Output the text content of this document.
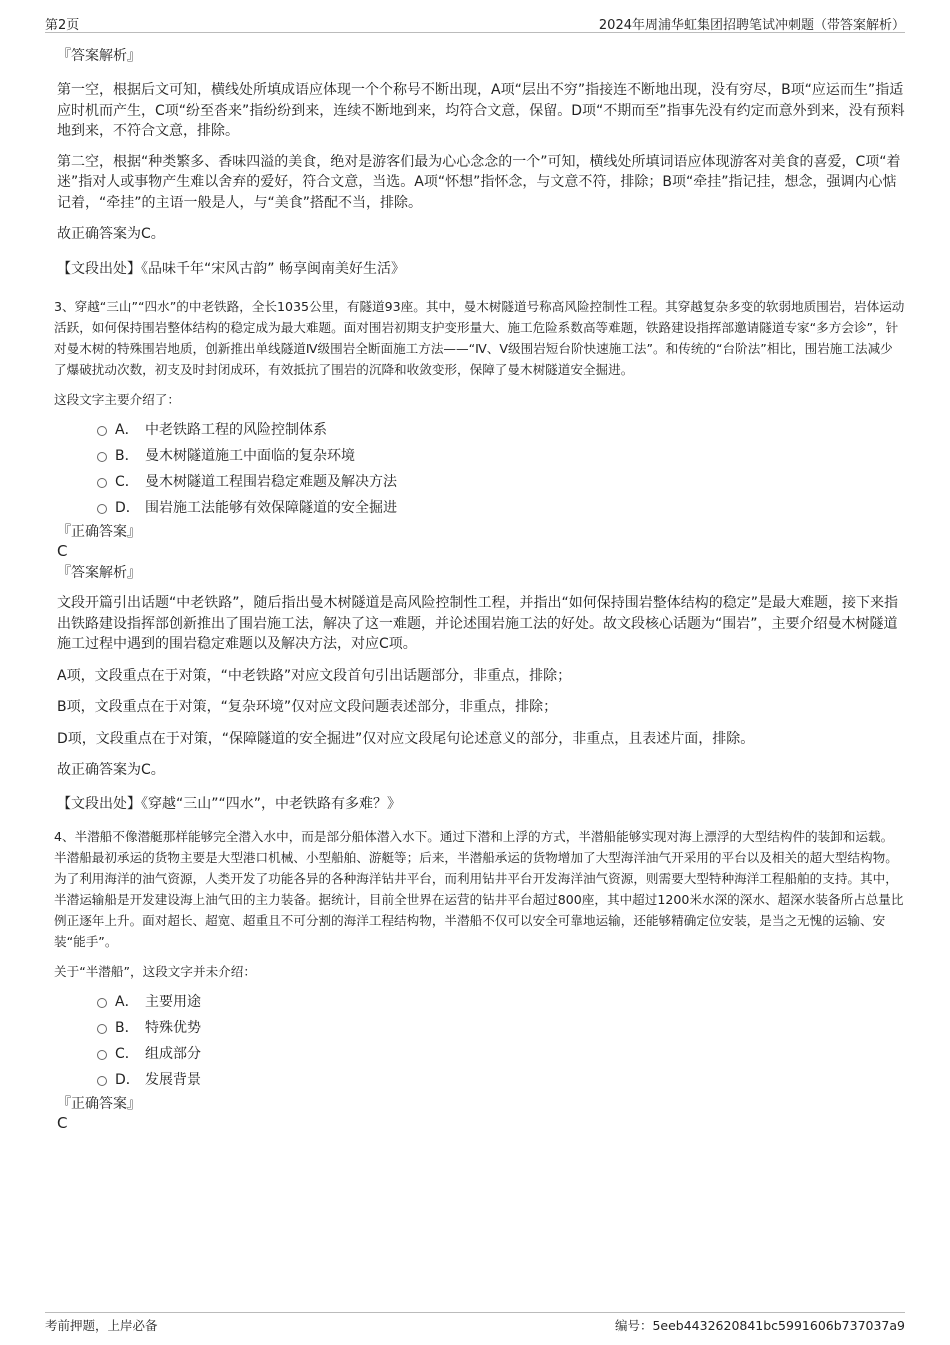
第2页	2024年周浦华虹集团招聘笔试冲刺题（带答案解析）

『答案解析』

第一空，根据后文可知，横线处所填成语应体现一个个称号不断出现，A项“层出不穷”指接连不断地出现，没有穷尽，B项“应运而生”指适应时机而产生，C项“纷至沓来”指纷纷到来，连续不断地到来，均符合文意，保留。D项“不期而至”指事先没有约定而意外到来，没有预料地到来，不符合文意，排除。

第二空，根据“种类繁多、香味四溢的美食，绝对是游客们最为心心念念的一个”可知，横线处所填词语应体现游客对美食的喜爱，C项“着迷”指对人或事物产生难以舍弃的爱好，符合文意，当选。A项“怀想”指怀念，与文意不符，排除；B项“牵挂”指记挂，想念，强调内心惦记着，“牵挂”的主语一般是人，与“美食”搭配不当，排除。

故正确答案为C。

【文段出处】《品味千年“宋风古韵” 畅享闽南美好生活》

3、穿越“三山”“四水”的中老铁路，全长1035公里，有隧道93座。其中，曼木树隧道号称高风险控制性工程。其穿越复杂多变的软弱地质围岩，岩体运动活跃，如何保持围岩整体结构的稳定成为最大难题。面对围岩初期支护变形量大、施工危险系数高等难题，铁路建设指挥部邀请隧道专家“多方会诊”，针对曼木树的特殊围岩地质，创新推出单线隧道Ⅳ级围岩全断面施工方法——“Ⅳ、Ⅴ级围岩短台阶快速施工法”。和传统的“台阶法”相比，围岩施工法减少了爆破扰动次数，初支及时封闭成环，有效抵抗了围岩的沉降和收敛变形，保障了曼木树隧道安全掘进。

这段文字主要介绍了：

A． 中老铁路工程的风险控制体系
B． 曼木树隧道施工中面临的复杂环境
C． 曼木树隧道工程围岩稳定难题及解决方法
D． 围岩施工法能够有效保障隧道的安全掘进

『正确答案』

C

『答案解析』

文段开篇引出话题“中老铁路”，随后指出曼木树隧道是高风险控制性工程，并指出“如何保持围岩整体结构的稳定”是最大难题，接下来指出铁路建设指挥部创新推出了围岩施工法，解决了这一难题，并论述围岩施工法的好处。故文段核心话题为“围岩”，主要介绍曼木树隧道施工过程中遇到的围岩稳定难题以及解决方法，对应C项。

A项，文段重点在于对策，“中老铁路”对应文段首句引出话题部分，非重点，排除；

B项，文段重点在于对策，“复杂环境”仅对应文段问题表述部分，非重点，排除；

D项，文段重点在于对策，“保障隧道的安全掘进”仅对应文段尾句论述意义的部分，非重点，且表述片面，排除。

故正确答案为C。

【文段出处】《穿越“三山”“四水”，中老铁路有多难？》

4、半潜船不像潜艇那样能够完全潜入水中，而是部分船体潜入水下。通过下潜和上浮的方式，半潜船能够实现对海上漂浮的大型结构件的装卸和运载。半潜船最初承运的货物主要是大型港口机械、小型船舶、游艇等；后来，半潜船承运的货物增加了大型海洋油气开采用的平台以及相关的超大型结构物。为了利用海洋的油气资源，人类开发了功能各异的各种海洋钻井平台，而利用钻井平台开发海洋油气资源，则需要大型特种海洋工程船舶的支持。其中，半潜运输船是开发建设海上油气田的主力装备。据统计，目前全世界在运营的钻井平台超过800座，其中超过1200米水深的深水、超深水装备所占总量比例正逐年上升。面对超长、超宽、超重且不可分割的海洋工程结构物，半潜船不仅可以安全可靠地运输，还能够精确定位安装，是当之无愧的运输、安装“能手”。

关于“半潜船”，这段文字并未介绍：

A． 主要用途
B． 特殊优势
C． 组成部分
D． 发展背景

『正确答案』

C

考前押题，上岸必备	编号：5eeb4432620841bc5991606b737037a9
